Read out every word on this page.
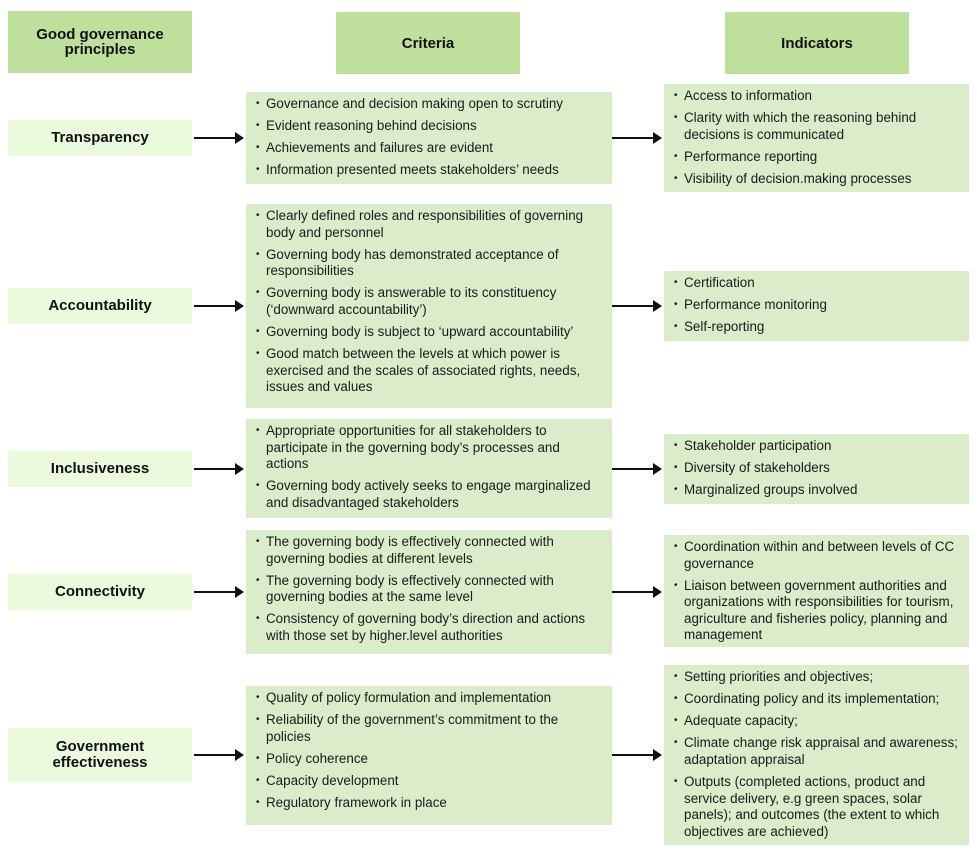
Good governance principles	Criteria	Indicators
Transparency
• Governance and decision making open to scrutiny
• Evident reasoning behind decisions
• Achievements and failures are evident
• Information presented meets stakeholders’ needs
• Access to information
• Clarity with which the reasoning behind decisions is communicated
• Performance reporting
• Visibility of decision.making processes
Accountability
• Clearly defined roles and responsibilities of governing body and personnel
• Governing body has demonstrated acceptance of responsibilities
• Governing body is answerable to its constituency (‘downward accountability’)
• Governing body is subject to ‘upward accountability’
• Good match between the levels at which power is exercised and the scales of associated rights, needs, issues and values
• Certification
• Performance monitoring
• Self-reporting
Inclusiveness
• Appropriate opportunities for all stakeholders to participate in the governing body’s processes and actions
• Governing body actively seeks to engage marginalized and disadvantaged stakeholders
• Stakeholder participation
• Diversity of stakeholders
• Marginalized groups involved
Connectivity
• The governing body is effectively connected with governing bodies at different levels
• The governing body is effectively connected with governing bodies at the same level
• Consistency of governing body’s direction and actions with those set by higher.level authorities
• Coordination within and between levels of CC governance
• Liaison between government authorities and organizations with responsibilities for tourism, agriculture and fisheries policy, planning and management
Government effectiveness
• Quality of policy formulation and implementation
• Reliability of the government’s commitment to the policies
• Policy coherence
• Capacity development
• Regulatory framework in place
• Setting priorities and objectives;
• Coordinating policy and its implementation;
• Adequate capacity;
• Climate change risk appraisal and awareness; adaptation appraisal
• Outputs (completed actions, product and service delivery, e.g green spaces, solar panels); and outcomes (the extent to which objectives are achieved)
